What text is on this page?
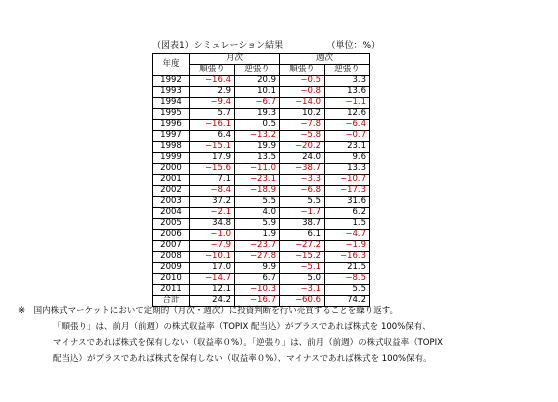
（図表1）シミュレーション結果	（単位：%）
年度	月次		週次	
	順張り	逆張り	順張り	逆張り
1992	−16.4	20.9	−0.5	3.3
1993	2.9	10.1	−0.8	13.6
1994	−9.4	−6.7	−14.0	−1.1
1995	5.7	19.3	10.2	12.6
1996	−16.1	0.5	−7.8	−6.4
1997	6.4	−13.2	−5.8	−0.7
1998	−15.1	19.9	−20.2	23.1
1999	17.9	13.5	24.0	9.6
2000	−15.6	−11.0	−38.7	13.3
2001	7.1	−23.1	−3.3	−10.7
2002	−8.4	−18.9	−6.8	−17.3
2003	37.2	5.5	5.5	31.6
2004	−2.1	4.0	−1.7	6.2
2005	34.8	5.9	38.7	1.5
2006	−1.0	1.9	6.1	−4.7
2007	−7.9	−23.7	−27.2	−1.9
2008	−10.1	−27.8	−15.2	−16.3
2009	17.0	9.9	−5.1	21.5
2010	−14.7	6.7	5.0	−8.5
2011	12.1	−10.3	−3.1	5.5
合計	24.2	−16.7	−60.6	74.2

※　国内株式マーケットにおいて定期的（月次・週次）に投資判断を行い売買することを繰り返す。

「順張り」は、前月（前週）の株式収益率（TOPIX 配当込）がプラスであれば株式を 100%保有、

マイナスであれば株式を保有しない（収益率０%）。「逆張り」は、前月（前週）の株式収益率（TOPIX

配当込）がプラスであれば株式を保有しない（収益率０%）、マイナスであれば株式を 100%保有。
